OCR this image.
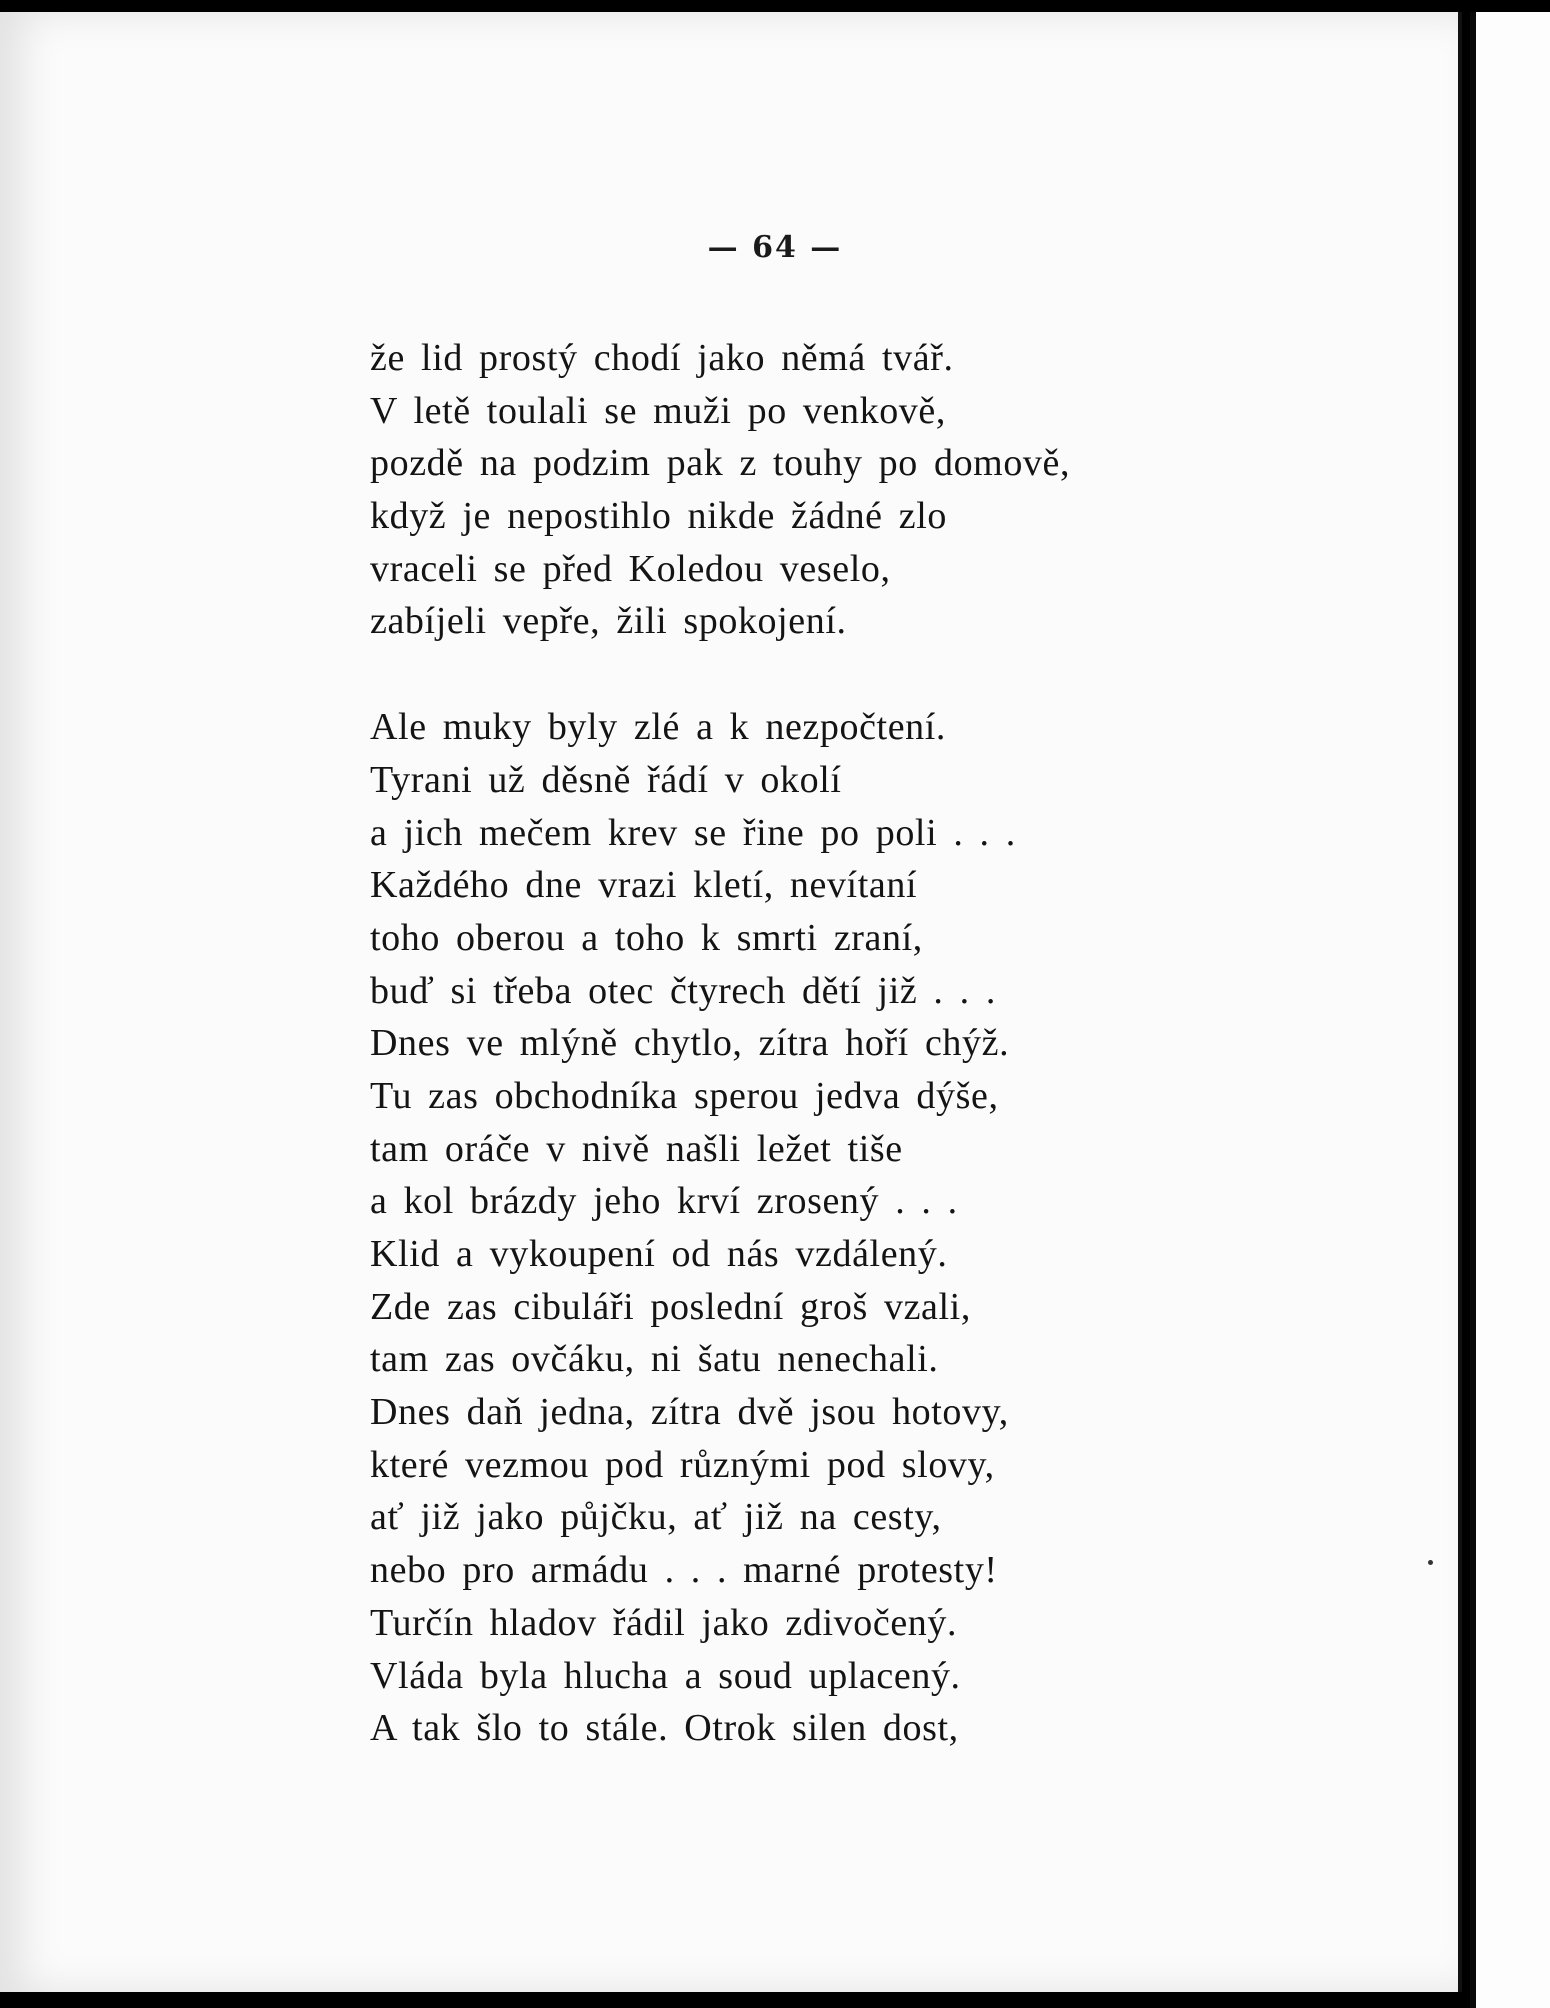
— 64 —
že lid prostý chodí jako němá tvář.
V letě toulali se muži po venkově,
pozdě na podzim pak z touhy po domově,
když je nepostihlo nikde žádné zlo
vraceli se před Koledou veselo,
zabíjeli vepře, žili spokojení.
Ale muky byly zlé a k nezpočtení.
Tyrani už děsně řádí v okolí
a jich mečem krev se řine po poli . . .
Každého dne vrazi kletí, nevítaní
toho oberou a toho k smrti zraní,
buď si třeba otec čtyrech dětí již . . .
Dnes ve mlýně chytlo, zítra hoří chýž.
Tu zas obchodníka sperou jedva dýše,
tam oráče v nivě našli ležet tiše
a kol brázdy jeho krví zrosený . . .
Klid a vykoupení od nás vzdálený.
Zde zas cibuláři poslední groš vzali,
tam zas ovčáku, ni šatu nenechali.
Dnes daň jedna, zítra dvě jsou hotovy,
které vezmou pod různými pod slovy,
ať již jako půjčku, ať již na cesty,
nebo pro armádu . . . marné protesty!
Turčín hladov řádil jako zdivočený.
Vláda byla hlucha a soud uplacený.
A tak šlo to stále. Otrok silen dost,
